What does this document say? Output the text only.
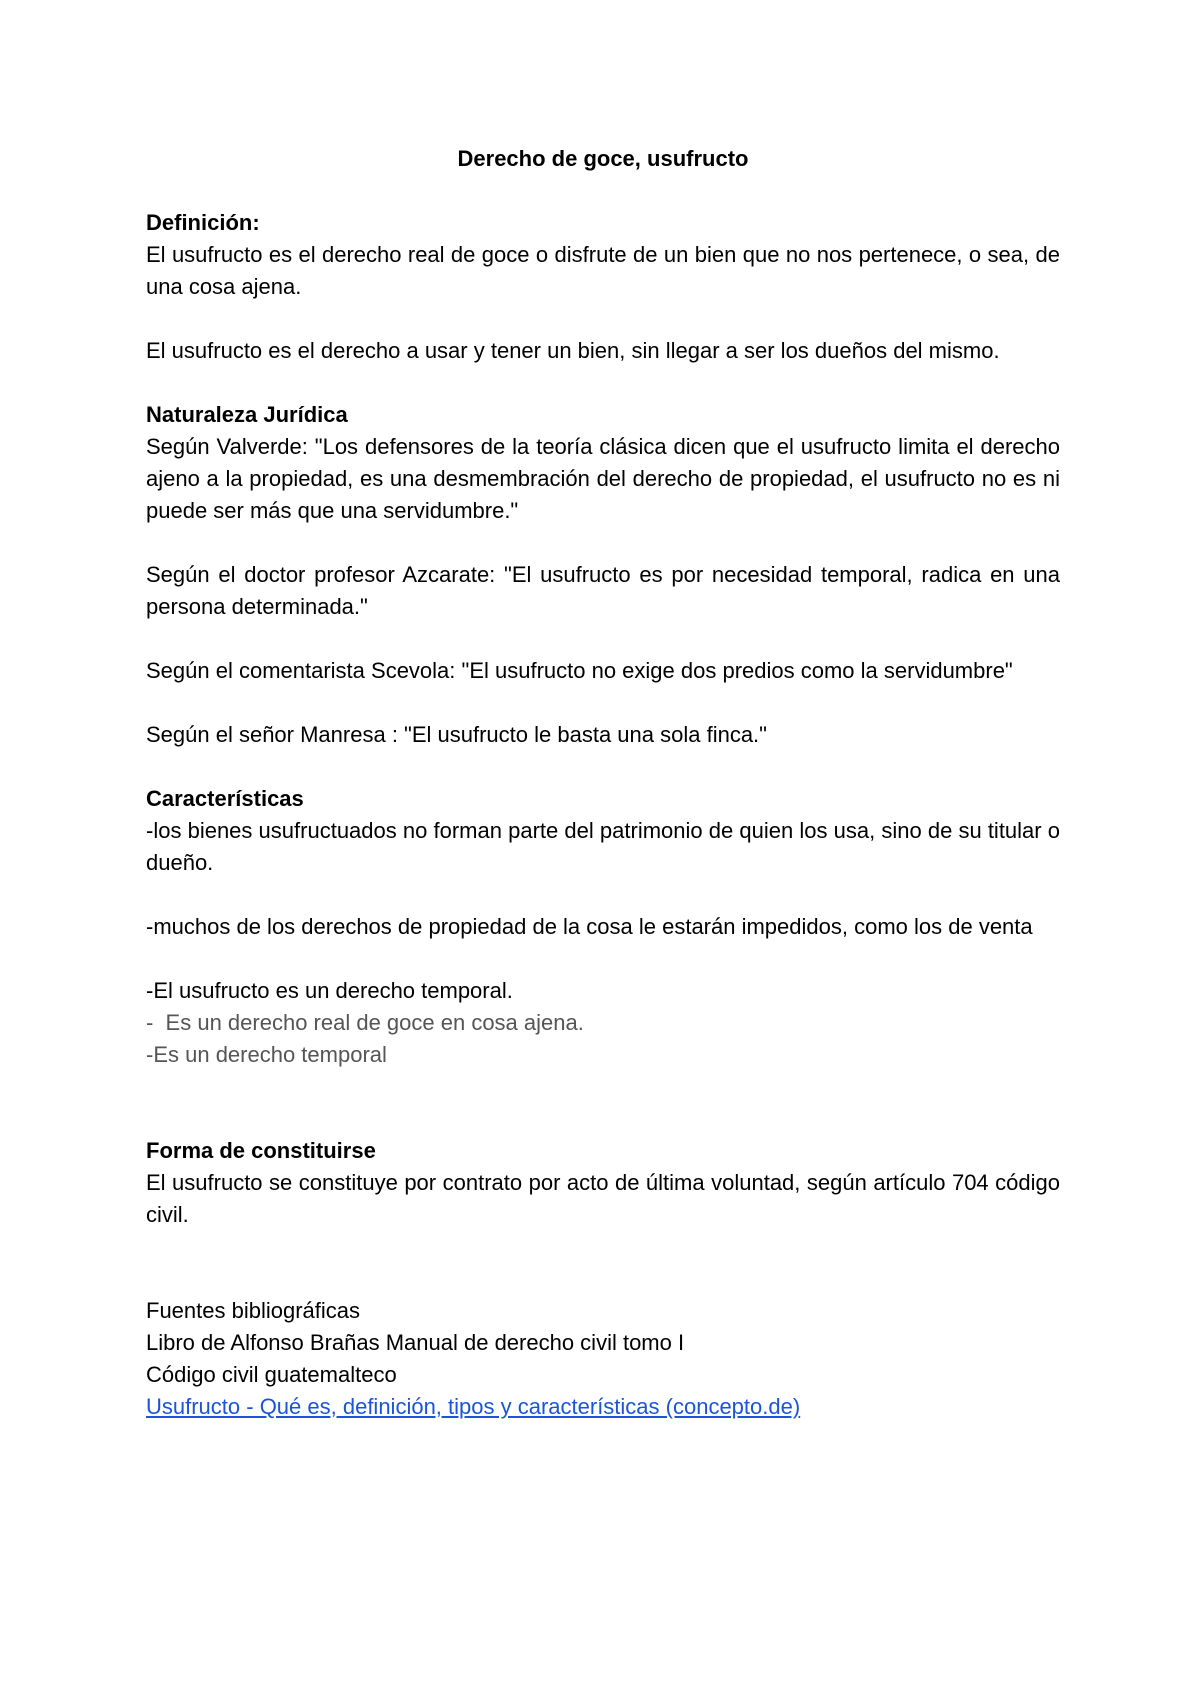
Derecho de goce, usufructo

Definición:

El usufructo es el derecho real de goce o disfrute de un bien que no nos pertenece, o sea, de una cosa ajena.

El usufructo es el derecho a usar y tener un bien, sin llegar a ser los dueños del mismo.

Naturaleza Jurídica

Según Valverde: "Los defensores de la teoría clásica dicen que el usufructo limita el derecho ajeno a la propiedad, es una desmembración del derecho de propiedad, el usufructo no es ni puede ser más que una servidumbre."

Según el doctor profesor Azcarate: "El usufructo es por necesidad temporal, radica en una persona determinada."

Según el comentarista Scevola: "El usufructo no exige dos predios como la servidumbre"

Según el señor Manresa : "El usufructo le basta una sola finca."

Características

-los bienes usufructuados no forman parte del patrimonio de quien los usa, sino de su titular o dueño.

-muchos de los derechos de propiedad de la cosa le estarán impedidos, como los de venta

-El usufructo es un derecho temporal.

-  Es un derecho real de goce en cosa ajena.

-Es un derecho temporal

Forma de constituirse

El usufructo se constituye por contrato por acto de última voluntad, según artículo 704 código civil.

Fuentes bibliográficas

Libro de Alfonso Brañas Manual de derecho civil tomo I

Código civil guatemalteco

Usufructo - Qué es, definición, tipos y características (concepto.de)
